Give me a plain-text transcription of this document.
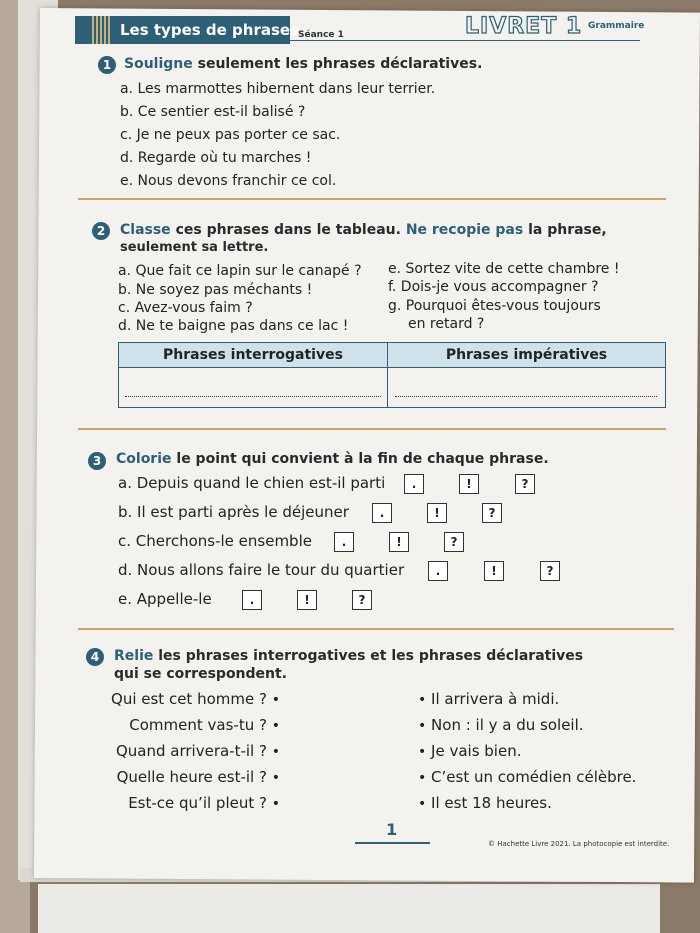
Les types de phrases Séance 1	LIVRET 1 Grammaire
1 Souligne seulement les phrases déclaratives.
a. Les marmottes hibernent dans leur terrier.
b. Ce sentier est-il balisé ?
c. Je ne peux pas porter ce sac.
d. Regarde où tu marches !
e. Nous devons franchir ce col.
2	Classe ces phrases dans le tableau. Ne recopie pas la phrase,
seulement sa lettre.
a. Que fait ce lapin sur le canapé ?
b. Ne soyez pas méchants !
c. Avez-vous faim ?
d. Ne te baigne pas dans ce lac !
e. Sortez vite de cette chambre !
f. Dois-je vous accompagner ?
g. Pourquoi êtes-vous toujours
en retard ?
Phrases interrogatives	Phrases impératives
3	Colorie le point qui convient à la fin de chaque phrase.
a. Depuis quand le chien est-il parti	.	!	?
b. Il est parti après le déjeuner	.	!	?
c. Cherchons-le ensemble	.	!	?
d. Nous allons faire le tour du quartier	.	!	?
e. Appelle-le	.	!	?
4	Relie les phrases interrogatives et les phrases déclaratives
qui se correspondent.
Qui est cet homme ? •
Comment vas-tu ? •
Quand arrivera-t-il ? •
Quelle heure est-il ? •
Est-ce qu’il pleut ? •
• Il arrivera à midi.
• Non : il y a du soleil.
• Je vais bien.
• C’est un comédien célèbre.
• Il est 18 heures.
1
© Hachette Livre 2021. La photocopie est interdite.
